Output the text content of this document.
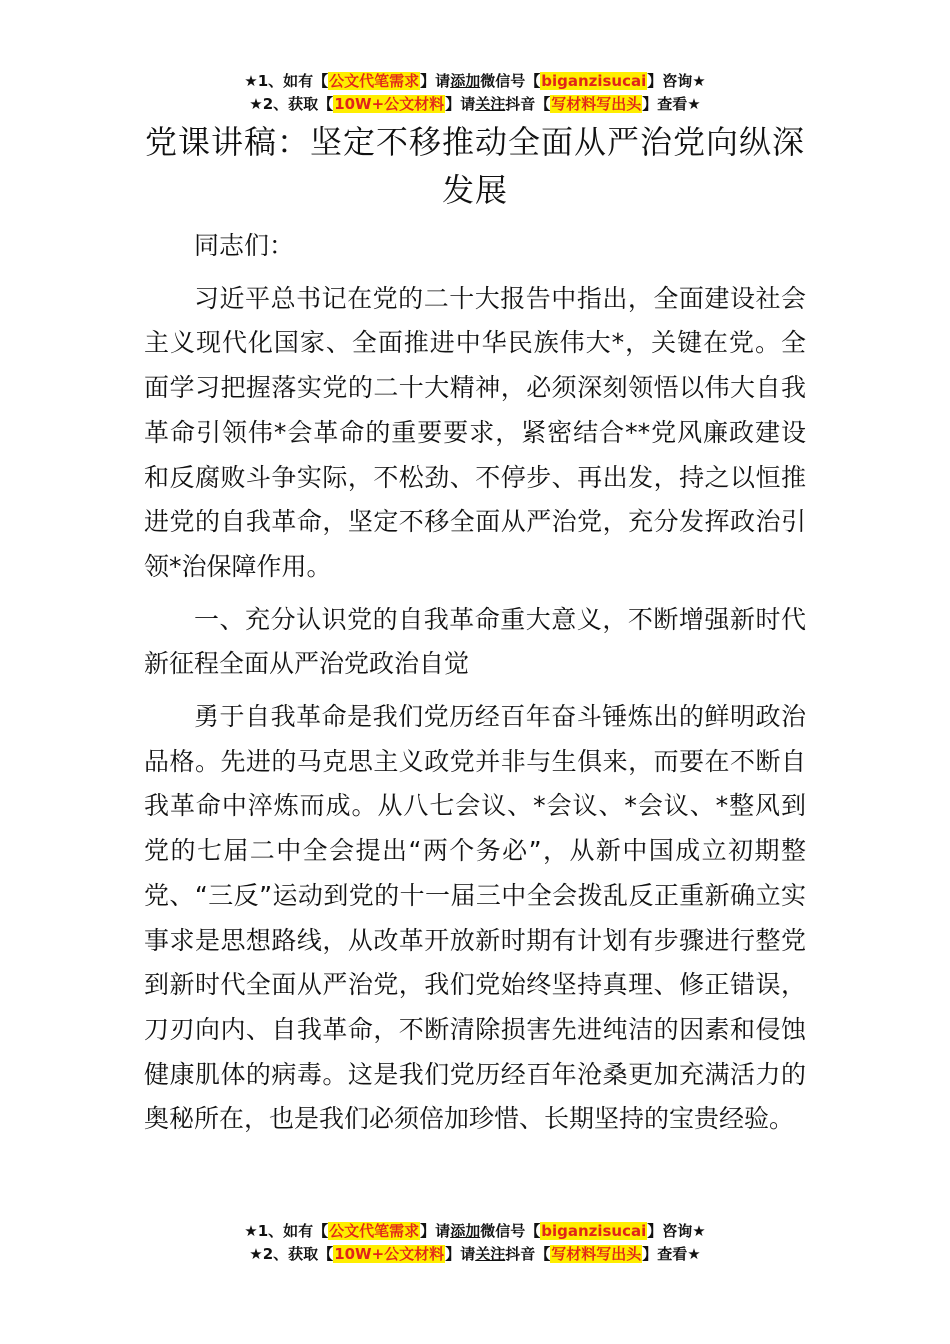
★1、如有【公文代笔需求】请添加微信号【biganzisucai】咨询★
★2、获取【10W+公文材料】请关注抖音【写材料写出头】查看★
党课讲稿：坚定不移推动全面从严治党向纵深发展

同志们：

习近平总书记在党的二十大报告中指出，全面建设社会主义现代化国家、全面推进中华民族伟大*，关键在党。全面学习把握落实党的二十大精神，必须深刻领悟以伟大自我革命引领伟*会革命的重要要求，紧密结合**党风廉政建设和反腐败斗争实际，不松劲、不停步、再出发，持之以恒推进党的自我革命，坚定不移全面从严治党，充分发挥政治引领*治保障作用。

一、充分认识党的自我革命重大意义，不断增强新时代新征程全面从严治党政治自觉

勇于自我革命是我们党历经百年奋斗锤炼出的鲜明政治品格。先进的马克思主义政党并非与生俱来，而要在不断自我革命中淬炼而成。从八七会议、*会议、*会议、*整风到党的七届二中全会提出“两个务必”，从新中国成立初期整党、“三反”运动到党的十一届三中全会拨乱反正重新确立实事求是思想路线，从改革开放新时期有计划有步骤进行整党到新时代全面从严治党，我们党始终坚持真理、修正错误，刀刃向内、自我革命，不断清除损害先进纯洁的因素和侵蚀健康肌体的病毒。这是我们党历经百年沧桑更加充满活力的奥秘所在，也是我们必须倍加珍惜、长期坚持的宝贵经验。

★1、如有【公文代笔需求】请添加微信号【biganzisucai】咨询★
★2、获取【10W+公文材料】请关注抖音【写材料写出头】查看★
